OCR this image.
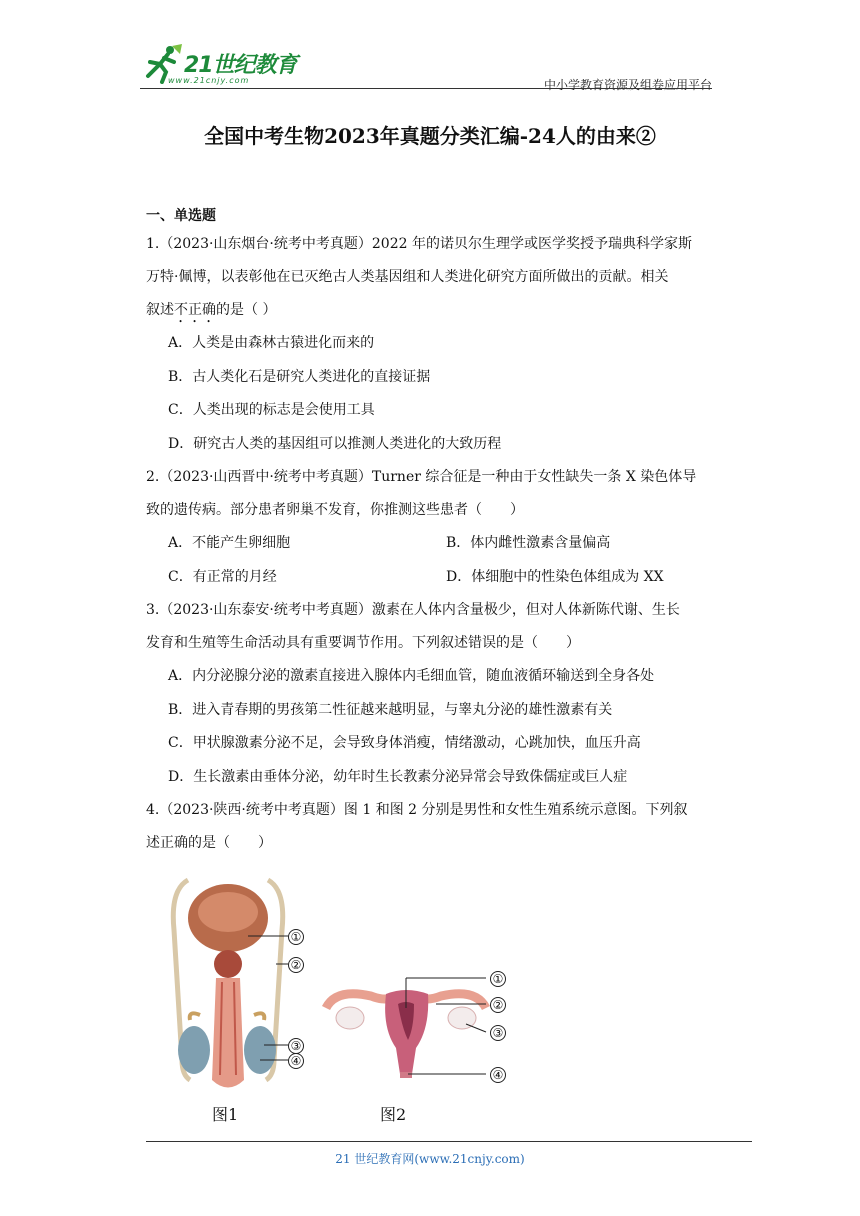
21世纪教育
www.21cnjy.com	中小学教育资源及组卷应用平台
全国中考生物2023年真题分类汇编-24人的由来②
一、单选题

1.（2023·山东烟台·统考中考真题）2022 年的诺贝尔生理学或医学奖授予瑞典科学家斯

万特·佩博，以表彰他在已灭绝古人类基因组和人类进化研究方面所做出的贡献。相关

叙述不正确的是（ ）

A．人类是由森林古猿进化而来的
B．古人类化石是研究人类进化的直接证据
C．人类出现的标志是会使用工具
D．研究古人类的基因组可以推测人类进化的大致历程

2.（2023·山西晋中·统考中考真题）Turner 综合征是一种由于女性缺失一条 X 染色体导

致的遗传病。部分患者卵巢不发育，你推测这些患者（　　）

A．不能产生卵细胞	B．体内雌性激素含量偏高
C．有正常的月经	D．体细胞中的性染色体组成为 XX

3.（2023·山东泰安·统考中考真题）激素在人体内含量极少，但对人体新陈代谢、生长

发育和生殖等生命活动具有重要调节作用。下列叙述错误的是（　　）

A．内分泌腺分泌的激素直接进入腺体内毛细血管，随血液循环输送到全身各处
B．进入青春期的男孩第二性征越来越明显，与睾丸分泌的雄性激素有关
C．甲状腺激素分泌不足，会导致身体消瘦，情绪激动，心跳加快，血压升高
D．生长激素由垂体分泌，幼年时生长教素分泌异常会导致侏儒症或巨人症

4.（2023·陕西·统考中考真题）图 1 和图 2 分别是男性和女性生殖系统示意图。下列叙

述正确的是（　　）

①
②
③
④
图1
①
②
③
④
图2
21 世纪教育网(www.21cnjy.com)
